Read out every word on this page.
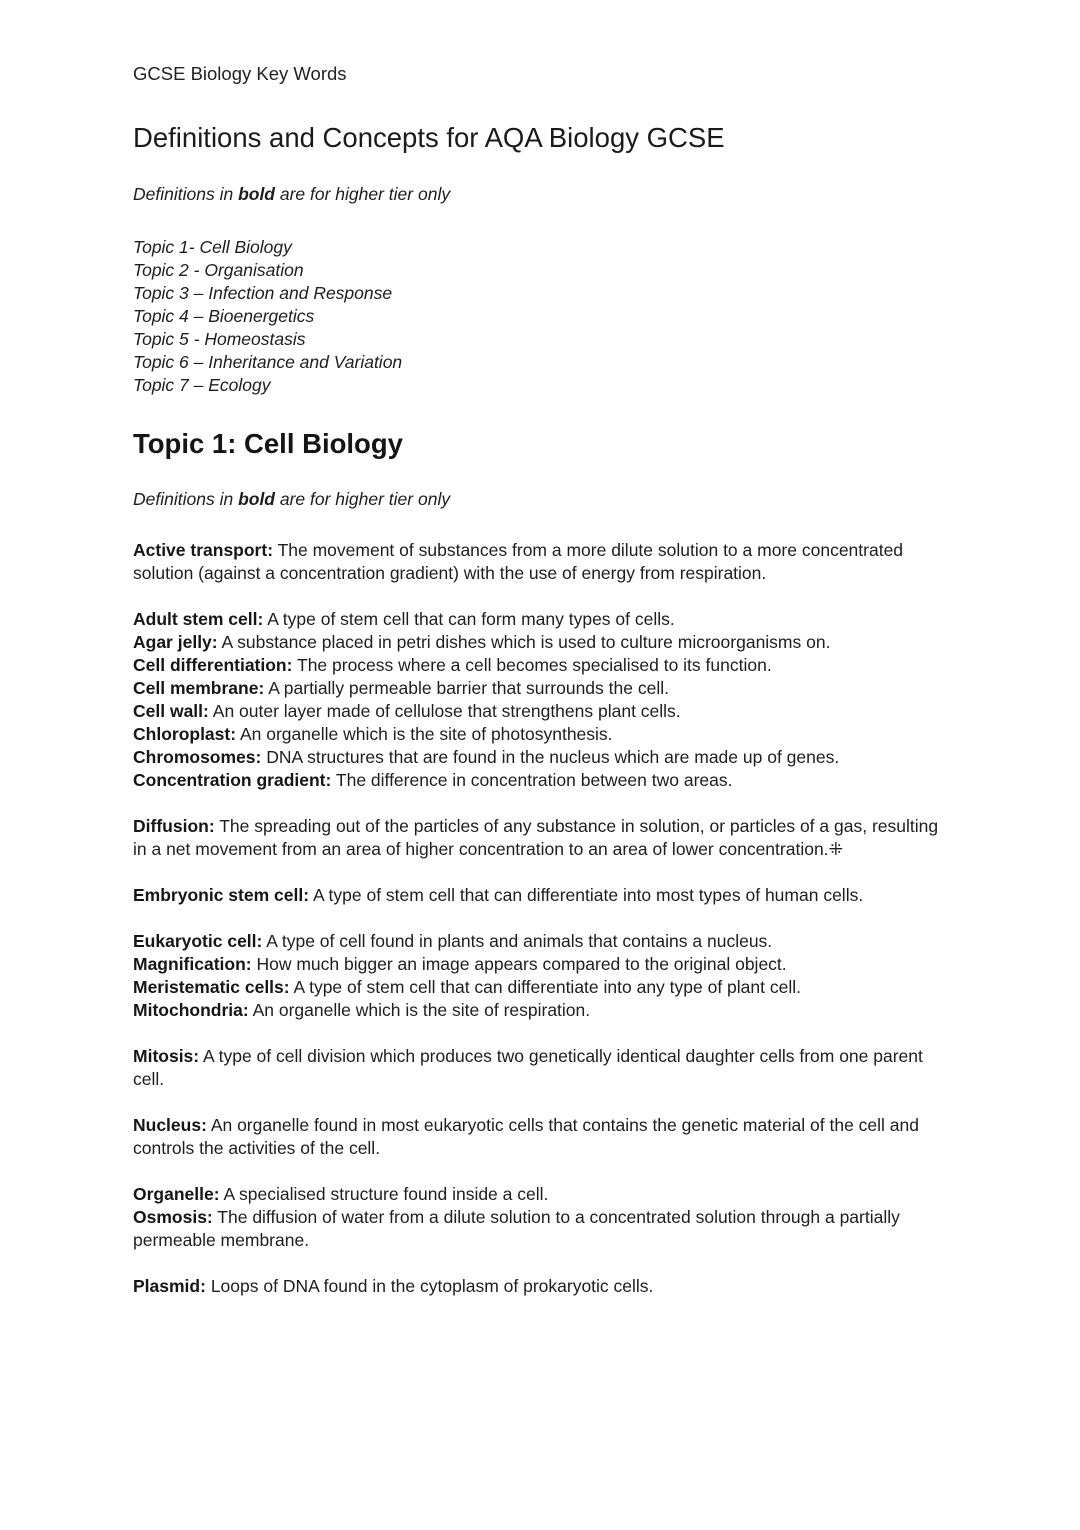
GCSE Biology Key Words

Definitions and Concepts for AQA Biology GCSE

Definitions in bold are for higher tier only

Topic 1- Cell Biology

Topic 2 - Organisation

Topic 3 – Infection and Response

Topic 4 – Bioenergetics

Topic 5 - Homeostasis

Topic 6 – Inheritance and Variation

Topic 7 – Ecology

Topic 1: Cell Biology

Definitions in bold are for higher tier only

Active transport: The movement of substances from a more dilute solution to a more concentrated solution (against a concentration gradient) with the use of energy from respiration.

Adult stem cell: A type of stem cell that can form many types of cells.

Agar jelly: A substance placed in petri dishes which is used to culture microorganisms on.

Cell differentiation: The process where a cell becomes specialised to its function.

Cell membrane: A partially permeable barrier that surrounds the cell.

Cell wall: An outer layer made of cellulose that strengthens plant cells.

Chloroplast: An organelle which is the site of photosynthesis.

Chromosomes: DNA structures that are found in the nucleus which are made up of genes.

Concentration gradient: The difference in concentration between two areas.

Diffusion: The spreading out of the particles of any substance in solution, or particles of a gas, resulting in a net movement from an area of higher concentration to an area of lower concentration.⁜

Embryonic stem cell: A type of stem cell that can differentiate into most types of human cells.

Eukaryotic cell: A type of cell found in plants and animals that contains a nucleus.

Magnification: How much bigger an image appears compared to the original object.

Meristematic cells: A type of stem cell that can differentiate into any type of plant cell.

Mitochondria: An organelle which is the site of respiration.

Mitosis: A type of cell division which produces two genetically identical daughter cells from one parent cell.

Nucleus: An organelle found in most eukaryotic cells that contains the genetic material of the cell and controls the activities of the cell.

Organelle: A specialised structure found inside a cell.

Osmosis: The diffusion of water from a dilute solution to a concentrated solution through a partially permeable membrane.

Plasmid: Loops of DNA found in the cytoplasm of prokaryotic cells.
